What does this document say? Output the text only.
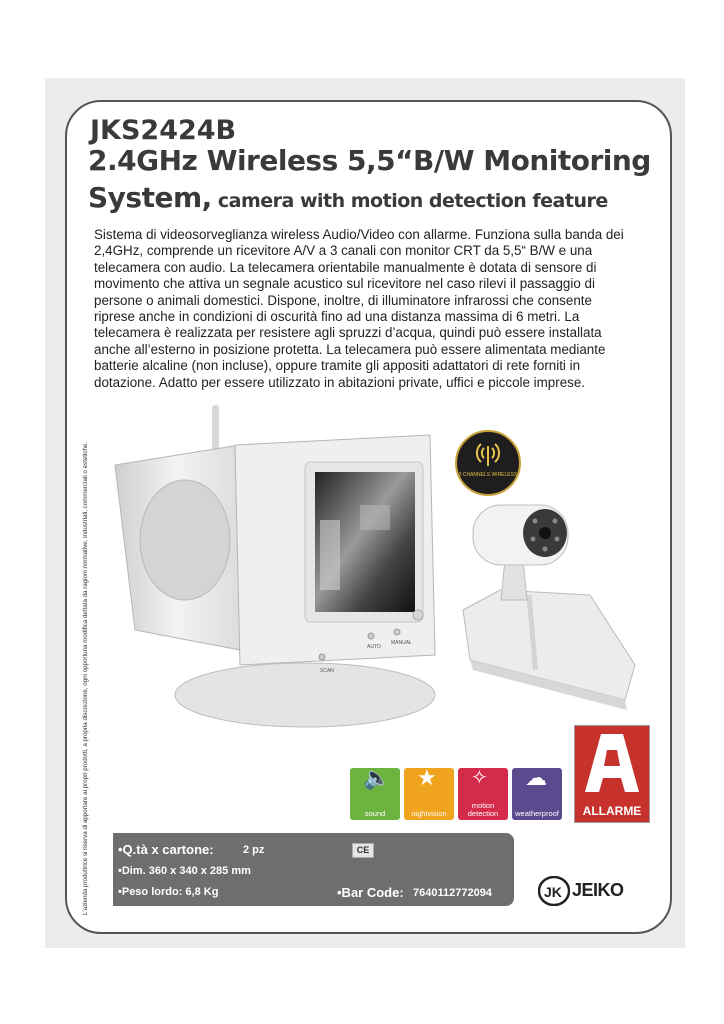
JKS2424B
2.4GHz Wireless 5,5“B/W Monitoring
System, camera with motion detection feature

Sistema di videosorveglianza wireless Audio/Video con allarme. Funziona sulla banda dei 2,4GHz, comprende un ricevitore A/V a 3 canali con monitor CRT da 5,5“ B/W e una telecamera con audio. La telecamera orientabile manualmente è dotata di sensore di movimento che attiva un segnale acustico sul ricevitore nel caso rilevi il passaggio di persone o animali domestici. Dispone, inoltre, di illuminatore infrarossi che consente riprese anche in condizioni di oscurità fino ad una distanza massima di 6 metri. La telecamera è realizzata per resistere agli spruzzi d’acqua, quindi può essere installata anche all’esterno in posizione protetta. La telecamera può essere alimentata mediante batterie alcaline (non incluse), oppure tramite gli appositi adattatori di rete forniti in dotazione. Adatto per essere utilizzato in abitazioni private, uffici e piccole imprese.

L'azienda produttrice si riserva di apportare ai propri prodotti, a propria discrezione, ogni opportuna modifica dettata da ragioni normative, industriali, commerciali o estetiche.	SCAN
AUTO
MANUAL
3 CHANNELS WIRELESS
🔈
sound
★
nightvision
✧
motion detection
☁
weatherproof	ALLARME
•Q.tà x cartone:	2 pz
•Dim. 360 x 340 x 285 mm
•Peso lordo: 6,8 Kg	•Bar Code: 7640112772094
CE
JK JEIKO
